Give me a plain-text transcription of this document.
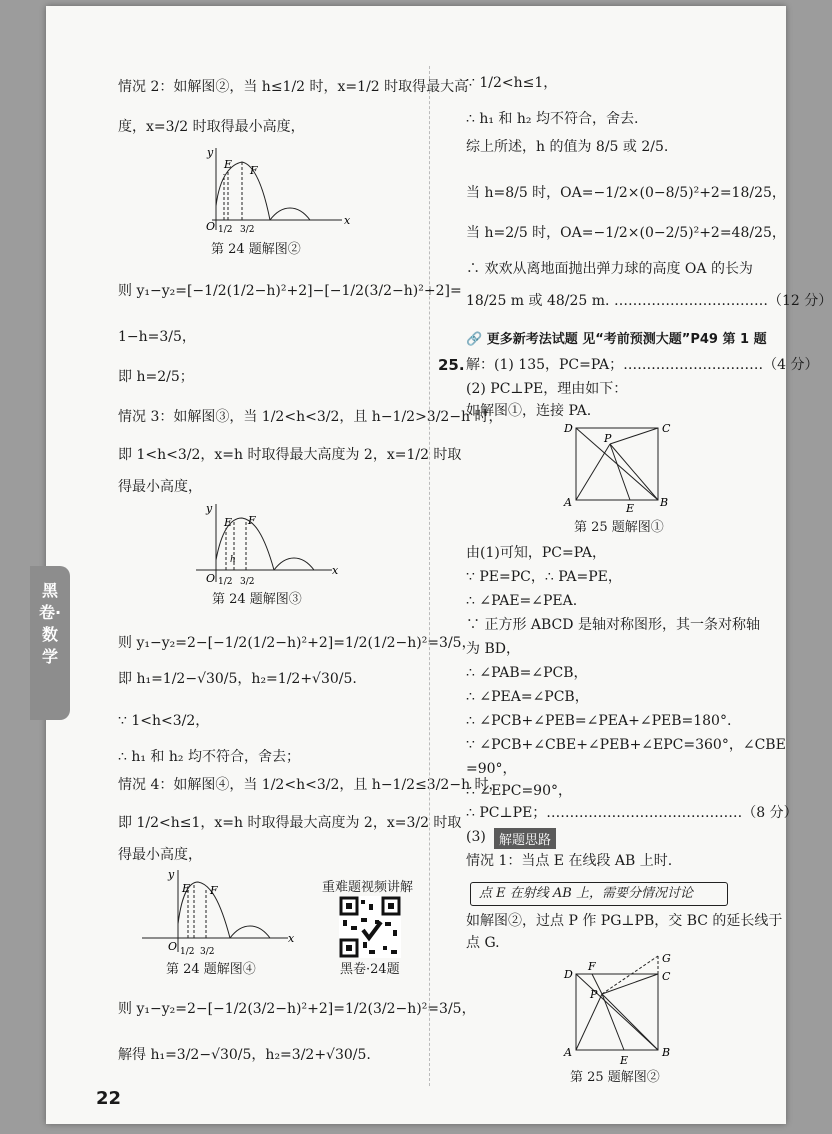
情况 2：如解图②，当 h≤1/2 时，x=1/2 时取得最大高
度，x=3/2 时取得最小高度，
y
x
O
E F
1/2 3/2
第 24 题解图②
则 y₁−y₂=[−1/2(1/2−h)²+2]−[−1/2(3/2−h)²+2]=
1−h=3/5，
即 h=2/5；
情况 3：如解图③，当 1/2<h<3/2，且 h−1/2>3/2−h 时，
即 1<h<3/2，x=h 时取得最大高度为 2，x=1/2 时取
得最小高度，
y
x
O
E F
h
1/2 3/2
第 24 题解图③
则 y₁−y₂=2−[−1/2(1/2−h)²+2]=1/2(1/2−h)²=3/5，
即 h₁=1/2−√30/5，h₂=1/2+√30/5.
∵ 1<h<3/2，
∴ h₁ 和 h₂ 均不符合，舍去；
情况 4：如解图④，当 1/2<h<3/2，且 h−1/2≤3/2−h 时，
即 1/2<h≤1，x=h 时取得最大高度为 2，x=3/2 时取
得最小高度，
y
x
O
E F
1/2 3/2
第 24 题解图④
重难题视频讲解
黑卷·24题
则 y₁−y₂=2−[−1/2(3/2−h)²+2]=1/2(3/2−h)²=3/5，
解得 h₁=3/2−√30/5，h₂=3/2+√30/5.
22
∵ 1/2<h≤1，
∴ h₁ 和 h₂ 均不符合，舍去.
综上所述，h 的值为 8/5 或 2/5.
当 h=8/5 时，OA=−1/2×(0−8/5)²+2=18/25，
当 h=2/5 时，OA=−1/2×(0−2/5)²+2=48/25，
∴ 欢欢从离地面抛出弹力球的高度 OA 的长为
18/25 m 或 48/25 m. ……………………………（12 分）
🔗 更多新考法试题 见“考前预测大题”P49 第 1 题
25. 解：(1) 135，PC=PA；…………………………（4 分）
(2) PC⊥PE，理由如下：
如解图①，连接 PA.
D	C
A	B
P
E
第 25 题解图①
由(1)可知，PC=PA，
∵ PE=PC，∴ PA=PE，
∴ ∠PAE=∠PEA.
∵ 正方形 ABCD 是轴对称图形，其一条对称轴
为 BD，
∴ ∠PAB=∠PCB，
∴ ∠PEA=∠PCB，
∴ ∠PCB+∠PEB=∠PEA+∠PEB=180°.
∵ ∠PCB+∠CBE+∠PEB+∠EPC=360°，∠CBE
=90°，
∴ ∠EPC=90°，
∴ PC⊥PE；……………………………………（8 分）
(3)	解题思路
情况 1：当点 E 在线段 AB 上时.
点 E 在射线 AB 上，需要分情况讨论
如解图②，过点 P 作 PG⊥PB，交 BC 的延长线于
点 G.
D
F
G
C
P
A	B
E
第 25 题解图②
黑卷·数学
